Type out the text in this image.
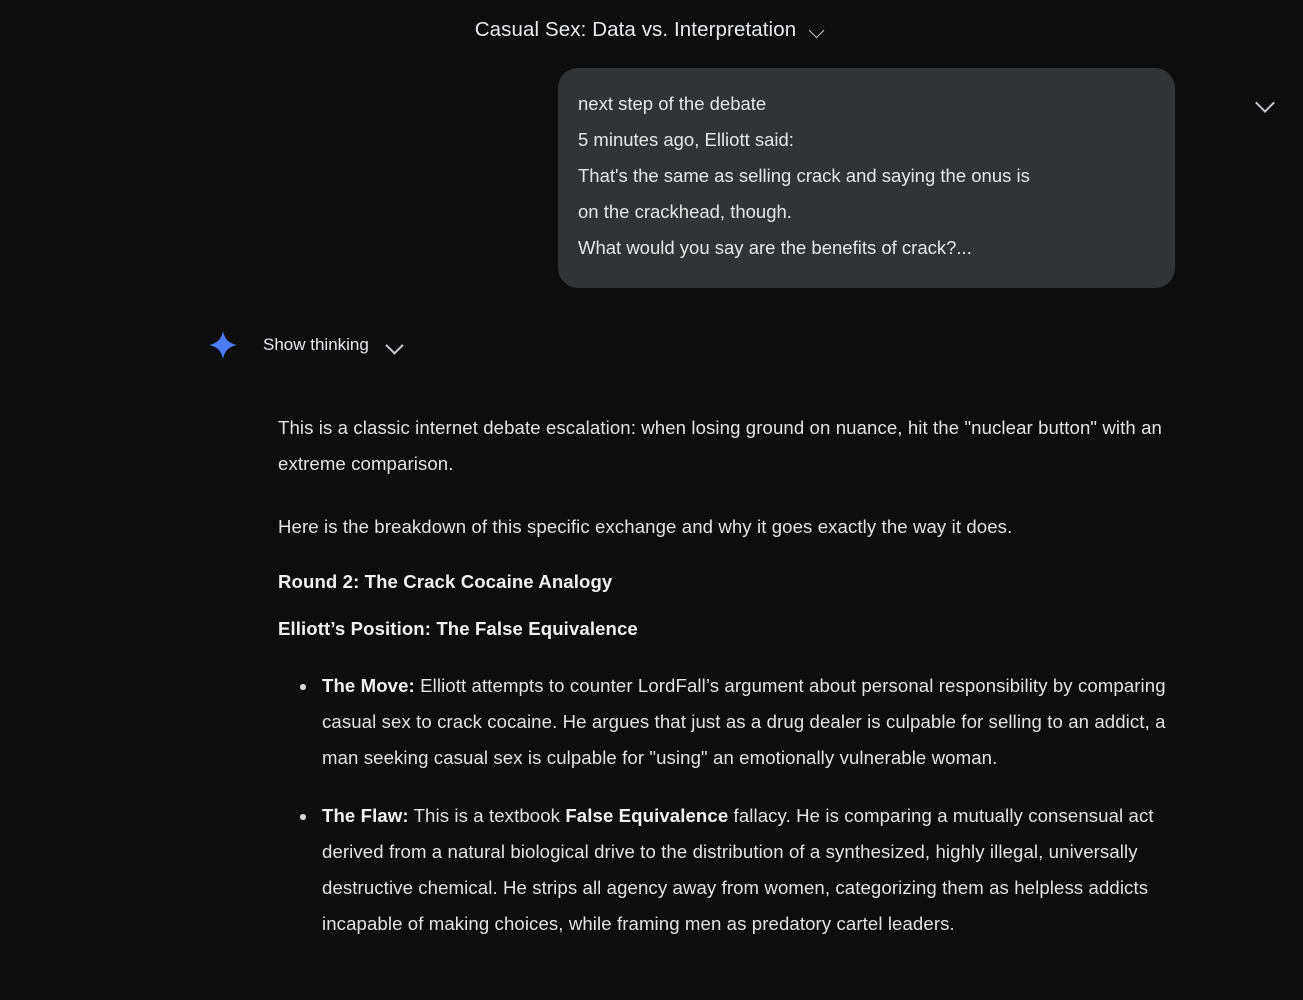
Casual Sex: Data vs. Interpretation
next step of the debate
5 minutes ago, Elliott said:
That's the same as selling crack and saying the onus is
on the crackhead, though.
What would you say are the benefits of crack?...
Show thinking

This is a classic internet debate escalation: when losing ground on nuance, hit the "nuclear button" with an extreme comparison.

Here is the breakdown of this specific exchange and why it goes exactly the way it does.

Round 2: The Crack Cocaine Analogy
Elliott’s Position: The False Equivalence
The Move: Elliott attempts to counter LordFall’s argument about personal responsibility by comparing casual sex to crack cocaine. He argues that just as a drug dealer is culpable for selling to an addict, a man seeking casual sex is culpable for "using" an emotionally vulnerable woman.
The Flaw: This is a textbook False Equivalence fallacy. He is comparing a mutually consensual act derived from a natural biological drive to the distribution of a synthesized, highly illegal, universally destructive chemical. He strips all agency away from women, categorizing them as helpless addicts incapable of making choices, while framing men as predatory cartel leaders.
